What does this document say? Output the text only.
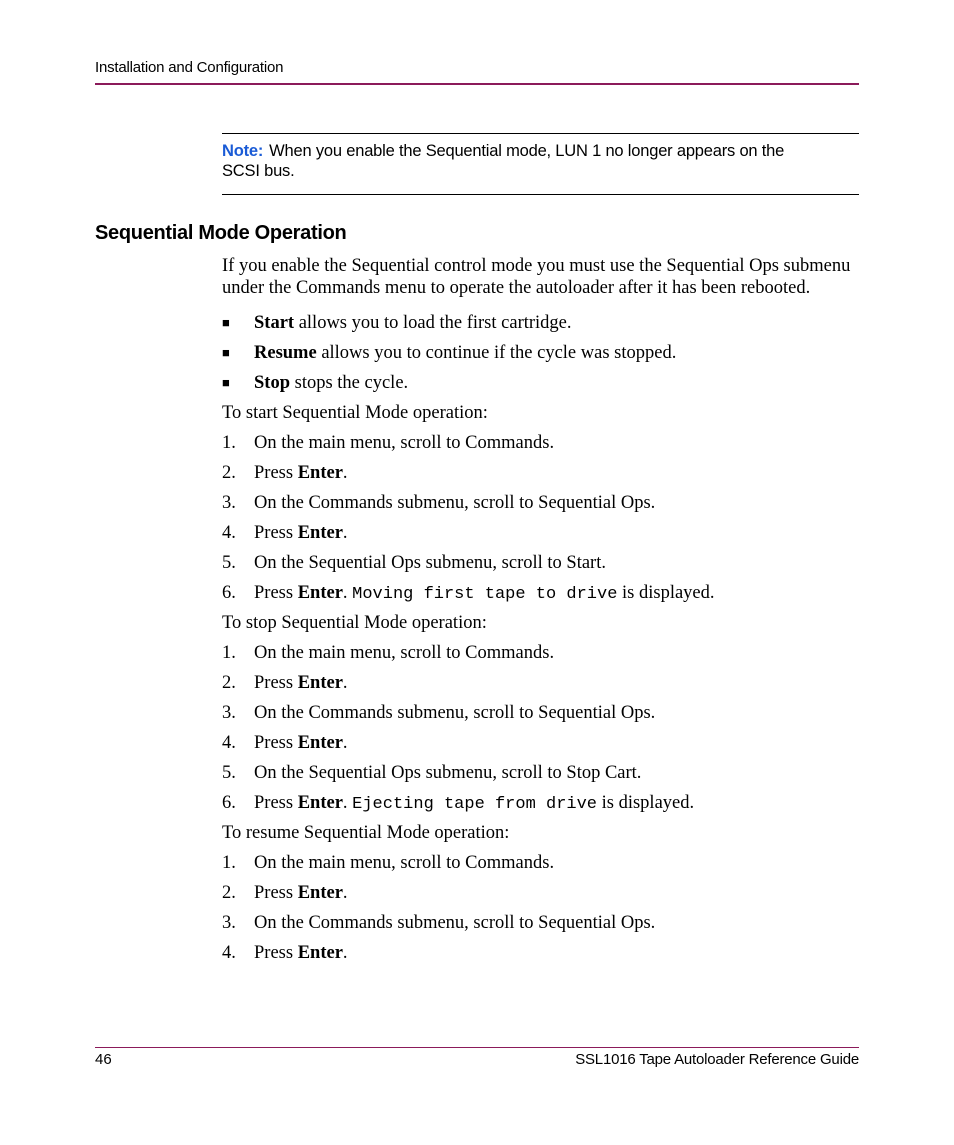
Installation and Configuration
Note: When you enable the Sequential mode, LUN 1 no longer appears on the SCSI bus.
Sequential Mode Operation

If you enable the Sequential control mode you must use the Sequential Ops submenu under the Commands menu to operate the autoloader after it has been rebooted.

■ Start allows you to load the first cartridge.
■ Resume allows you to continue if the cycle was stopped.
■ Stop stops the cycle.
To start Sequential Mode operation:
1. On the main menu, scroll to Commands.
2. Press Enter.
3. On the Commands submenu, scroll to Sequential Ops.
4. Press Enter.
5. On the Sequential Ops submenu, scroll to Start.
6. Press Enter. Moving first tape to drive is displayed.
To stop Sequential Mode operation:
1. On the main menu, scroll to Commands.
2. Press Enter.
3. On the Commands submenu, scroll to Sequential Ops.
4. Press Enter.
5. On the Sequential Ops submenu, scroll to Stop Cart.
6. Press Enter. Ejecting tape from drive is displayed.
To resume Sequential Mode operation:
1. On the main menu, scroll to Commands.
2. Press Enter.
3. On the Commands submenu, scroll to Sequential Ops.
4. Press Enter.
46	SSL1016 Tape Autoloader Reference Guide
